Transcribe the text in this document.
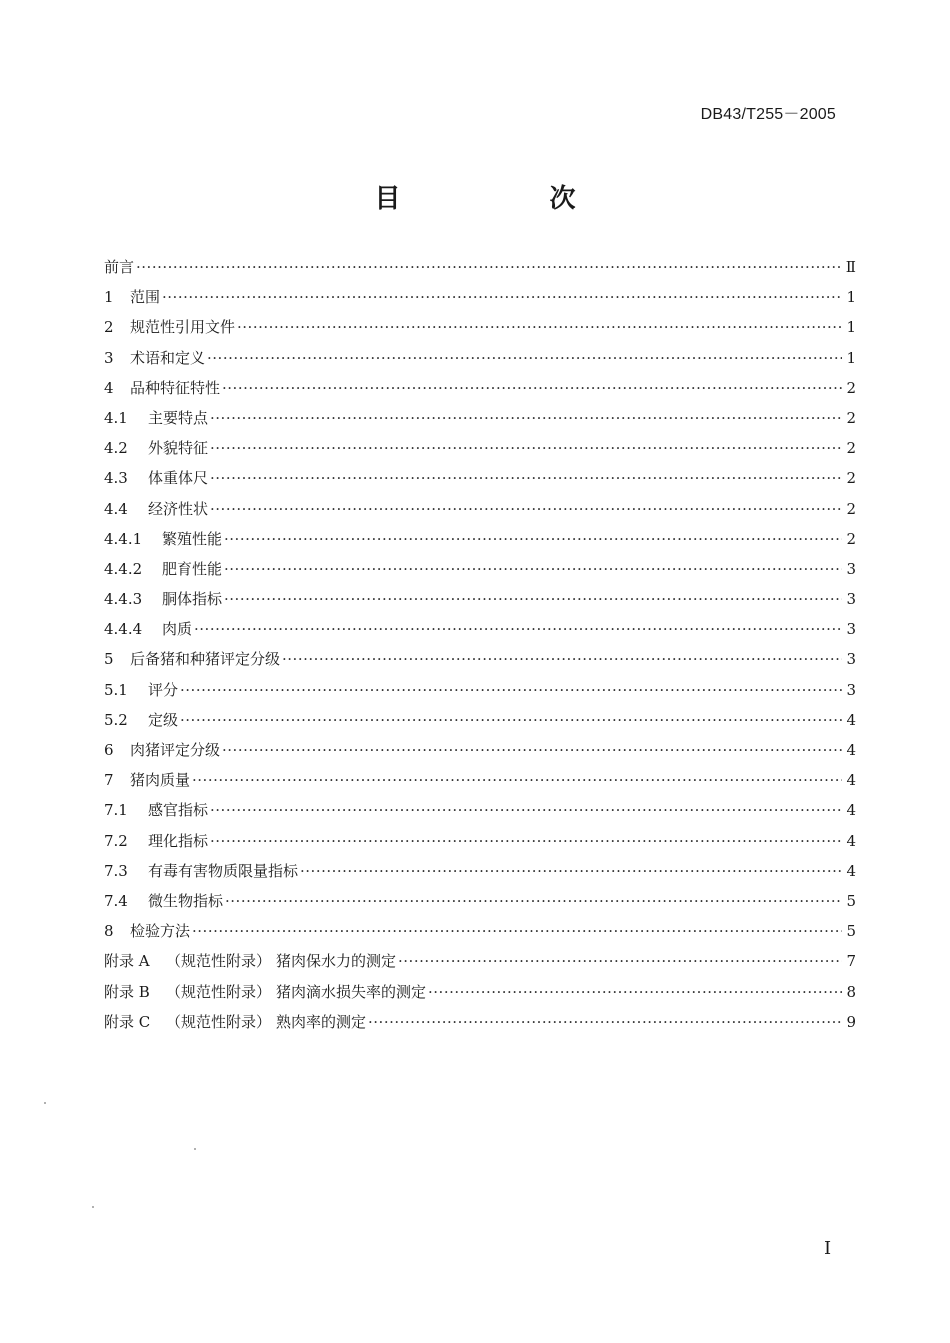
DB43/T255－2005
目 次
前言 ·····	Ⅱ
1	范围 ·····	1
2	规范性引用文件 ·····	1
3	术语和定义 ·····	1
4	品种特征特性 ·····	2
4.1	主要特点 ·····	2
4.2	外貌特征 ·····	2
4.3	体重体尺 ·····	2
4.4	经济性状 ·····	2
4.4.1	繁殖性能 ·····	2
4.4.2	肥育性能 ·····	3
4.4.3	胴体指标 ·····	3
4.4.4	肉质 ·····	3
5	后备猪和种猪评定分级 ·····	3
5.1	评分 ·····	3
5.2	定级 ·····	4
6	肉猪评定分级 ·····	4
7	猪肉质量 ·····	4
7.1	感官指标 ·····	4
7.2	理化指标 ·····	4
7.3	有毒有害物质限量指标 ·····	4
7.4	微生物指标 ·····	5
8	检验方法 ·····	5
附录 A	（规范性附录） 猪肉保水力的测定 ·····	7
附录 B	（规范性附录） 猪肉滴水损失率的测定 ·····	8
附录 C	（规范性附录） 熟肉率的测定 ·····	9
Ⅰ
